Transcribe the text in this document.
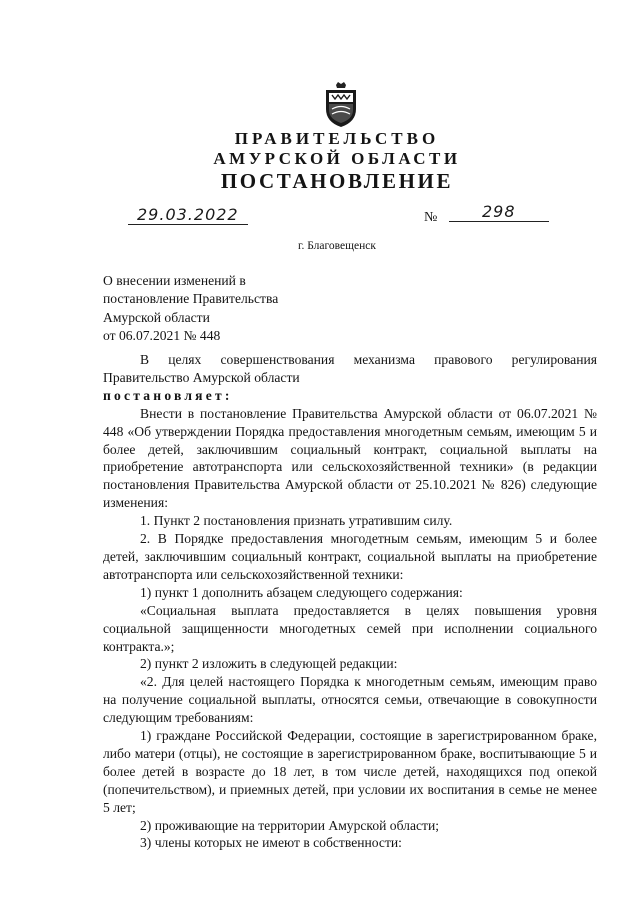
ПРАВИТЕЛЬСТВО
АМУРСКОЙ ОБЛАСТИ
ПОСТАНОВЛЕНИЕ
29.03.2022	№	298
г. Благовещенск
О внесении изменений в
постановление Правительства
Амурской области
от 06.07.2021 № 448

В целях совершенствования механизма правового регулирования Правительство Амурской области

постановляет:

Внести в постановление Правительства Амурской области от 06.07.2021 № 448 «Об утверждении Порядка предоставления многодетным семьям, имеющим 5 и более детей, заключившим социальный контракт, социальной выплаты на приобретение автотранспорта или сельскохозяйственной техники» (в редакции постановления Правительства Амурской области от 25.10.2021 № 826) следующие изменения:

1. Пункт 2 постановления признать утратившим силу.

2. В Порядке предоставления многодетным семьям, имеющим 5 и более детей, заключившим социальный контракт, социальной выплаты на приобретение автотранспорта или сельскохозяйственной техники:

1) пункт 1 дополнить абзацем следующего содержания:

«Социальная выплата предоставляется в целях повышения уровня социальной защищенности многодетных семей при исполнении социального контракта.»;

2) пункт 2 изложить в следующей редакции:

«2. Для целей настоящего Порядка к многодетным семьям, имеющим право на получение социальной выплаты, относятся семьи, отвечающие в совокупности следующим требованиям:

1) граждане Российской Федерации, состоящие в зарегистрированном браке, либо матери (отцы), не состоящие в зарегистрированном браке, воспитывающие 5 и более детей в возрасте до 18 лет, в том числе детей, находящихся под опекой (попечительством), и приемных детей, при условии их воспитания в семье не менее 5 лет;

2) проживающие на территории Амурской области;

3) члены которых не имеют в собственности:
